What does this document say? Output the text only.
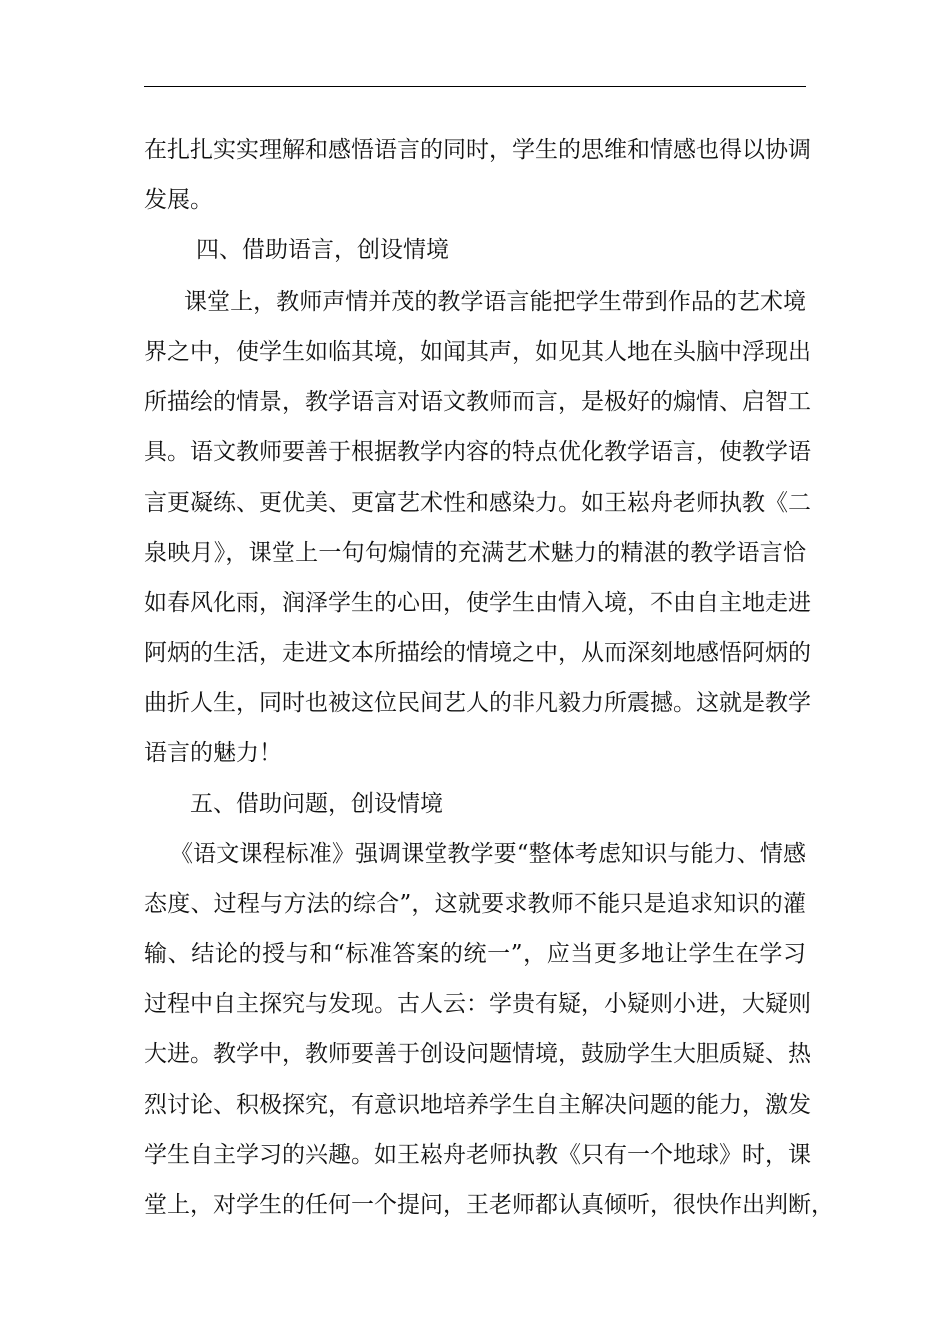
在扎扎实实理解和感悟语言的同时，学生的思维和情感也得以协调
发展。
四、借助语言，创设情境
课堂上，教师声情并茂的教学语言能把学生带到作品的艺术境
界之中，使学生如临其境，如闻其声，如见其人地在头脑中浮现出
所描绘的情景，教学语言对语文教师而言，是极好的煽情、启智工
具。语文教师要善于根据教学内容的特点优化教学语言，使教学语
言更凝练、更优美、更富艺术性和感染力。如王崧舟老师执教《二
泉映月》，课堂上一句句煽情的充满艺术魅力的精湛的教学语言恰
如春风化雨，润泽学生的心田，使学生由情入境，不由自主地走进
阿炳的生活，走进文本所描绘的情境之中，从而深刻地感悟阿炳的
曲折人生，同时也被这位民间艺人的非凡毅力所震撼。这就是教学
语言的魅力！
五、借助问题，创设情境
《语文课程标准》强调课堂教学要“整体考虑知识与能力、情感
态度、过程与方法的综合”，这就要求教师不能只是追求知识的灌
输、结论的授与和“标准答案的统一”，应当更多地让学生在学习
过程中自主探究与发现。古人云：学贵有疑，小疑则小进，大疑则
大进。教学中，教师要善于创设问题情境，鼓励学生大胆质疑、热
烈讨论、积极探究，有意识地培养学生自主解决问题的能力，激发
学生自主学习的兴趣。如王崧舟老师执教《只有一个地球》时，课
堂上，对学生的任何一个提问，王老师都认真倾听，很快作出判断，
